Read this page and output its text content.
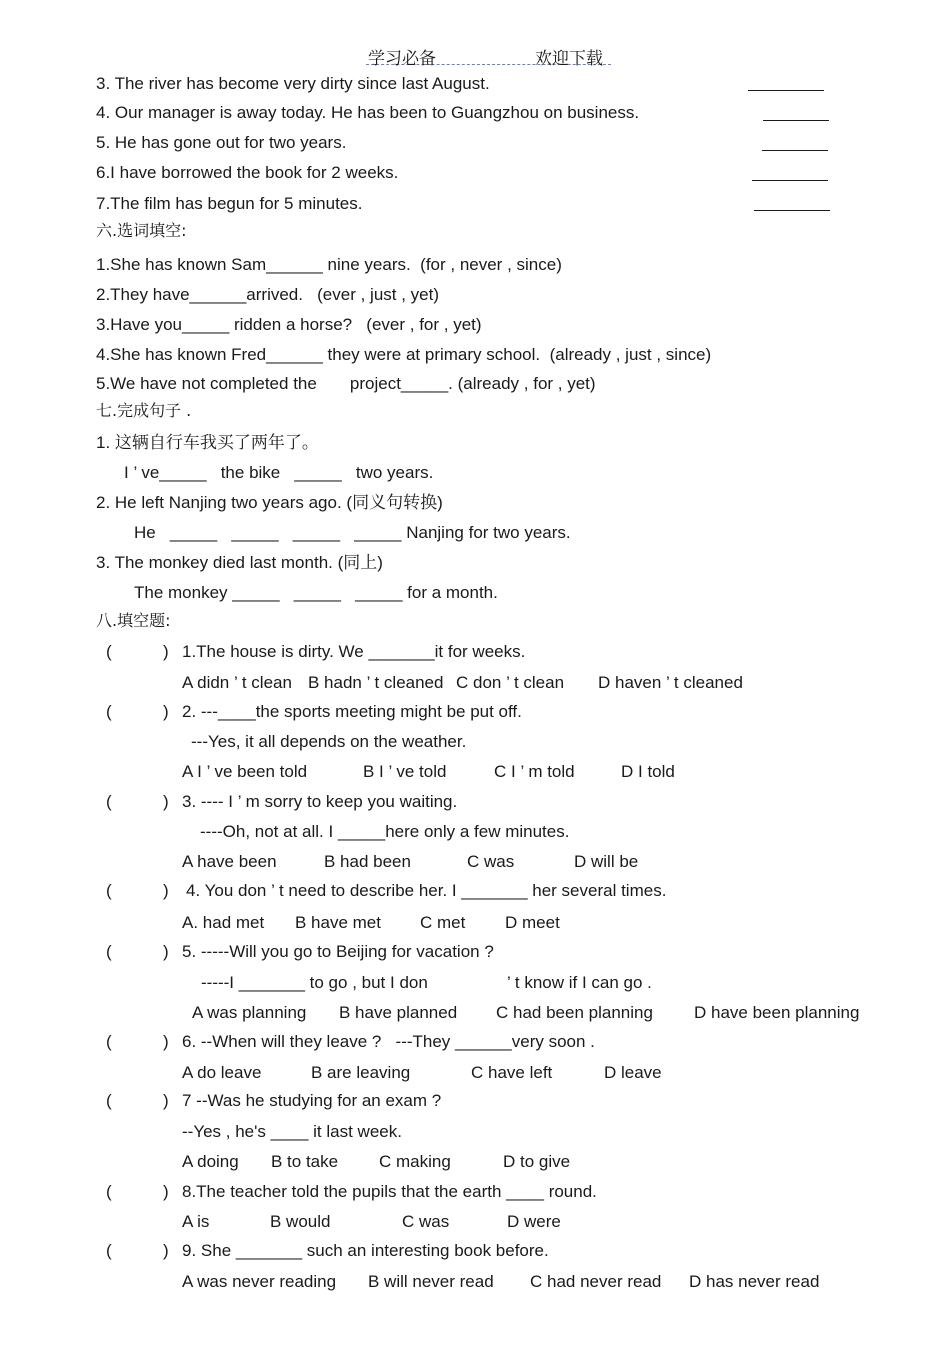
学习必备	欢迎下载
3. The river has become very dirty since last August.
4. Our manager is away today. He has been to Guangzhou on business.
5. He has gone out for two years.
6.I have borrowed the book for 2 weeks.
7.The film has begun for 5 minutes.
六.选词填空:
1.She has known Sam______ nine years.  (for , never , since)
2.They have______arrived.   (ever , just , yet)
3.Have you_____ ridden a horse?   (ever , for , yet)
4.She has known Fred______ they were at primary school.  (already , just , since)
5.We have not completed the       project_____. (already , for , yet)
七.完成句子 .
1. 这辆自行车我买了两年了。
I ’ ve_____   the bike   _____   two years.
2. He left Nanjing two years ago. (同义句转换)
He   _____   _____   _____   _____ Nanjing for two years.
3. The monkey died last month. (同上)
The monkey _____   _____   _____ for a month.
八.填空题:
(	) 1.The house is dirty. We _______it for weeks.
A didn ’ t clean B hadn ’ t cleaned C don ’ t clean D haven ’ t cleaned
(	) 2. ---____the sports meeting might be put off.
---Yes, it all depends on the weather.
A I ’ ve been told	B I ’ ve told	C I ’ m told	D I told
(	) 3. ---- I ’ m sorry to keep you waiting.
----Oh, not at all. I _____here only a few minutes.
A have been	B had been	C was	D will be
(	) 4. You don ’ t need to describe her. I _______ her several times.
A. had met B have met C met D meet
(	) 5. -----Will you go to Beijing for vacation ?
-----I _______ to go , but I don	’ t know if I can go .
A was planning B have planned C had been planning D have been planning
(	) 6. --When will they leave ?   ---They ______very soon .
A do leave	B are leaving	C have left	D leave
(	) 7 --Was he studying for an exam ?
--Yes , he's ____ it last week.
A doing B to take C making	D to give
(	) 8.The teacher told the pupils that the earth ____ round.
A is	B would	C was	D were
(	) 9. She _______ such an interesting book before.
A was never reading B will never read C had never read D has never read
